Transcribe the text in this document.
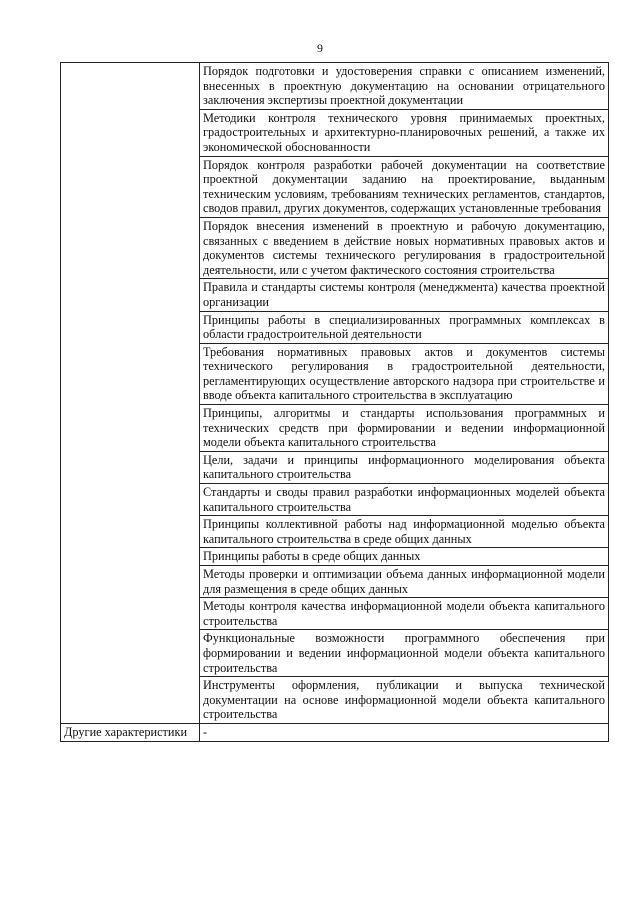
9
	Порядок подготовки и удостоверения справки с описанием изменений, внесенных в проектную документацию на основании отрицательного заключения экспертизы проектной документации
	Методики контроля технического уровня принимаемых проектных, градостроительных и архитектурно-планировочных решений, а также их экономической обоснованности
	Порядок контроля разработки рабочей документации на соответствие проектной документации заданию на проектирование, выданным техническим условиям, требованиям технических регламентов, стандартов, сводов правил, других документов, содержащих установленные требования
	Порядок внесения изменений в проектную и рабочую документацию, связанных с введением в действие новых нормативных правовых актов и документов системы технического регулирования в градостроительной деятельности, или с учетом фактического состояния строительства
	Правила и стандарты системы контроля (менеджмента) качества проектной организации
	Принципы работы в специализированных программных комплексах в области градостроительной деятельности
	Требования нормативных правовых актов и документов системы технического регулирования в градостроительной деятельности, регламентирующих осуществление авторского надзора при строительстве и вводе объекта капитального строительства в эксплуатацию
	Принципы, алгоритмы и стандарты использования программных и технических средств при формировании и ведении информационной модели объекта капитального строительства
	Цели, задачи и принципы информационного моделирования объекта капитального строительства
	Стандарты и своды правил разработки информационных моделей объекта капитального строительства
	Принципы коллективной работы над информационной моделью объекта капитального строительства в среде общих данных
	Принципы работы в среде общих данных
	Методы проверки и оптимизации объема данных информационной модели для размещения в среде общих данных
	Методы контроля качества информационной модели объекта капитального строительства
	Функциональные возможности программного обеспечения при формировании и ведении информационной модели объекта капитального строительства
	Инструменты оформления, публикации и выпуска технической документации на основе информационной модели объекта капитального строительства
Другие характеристики	-
